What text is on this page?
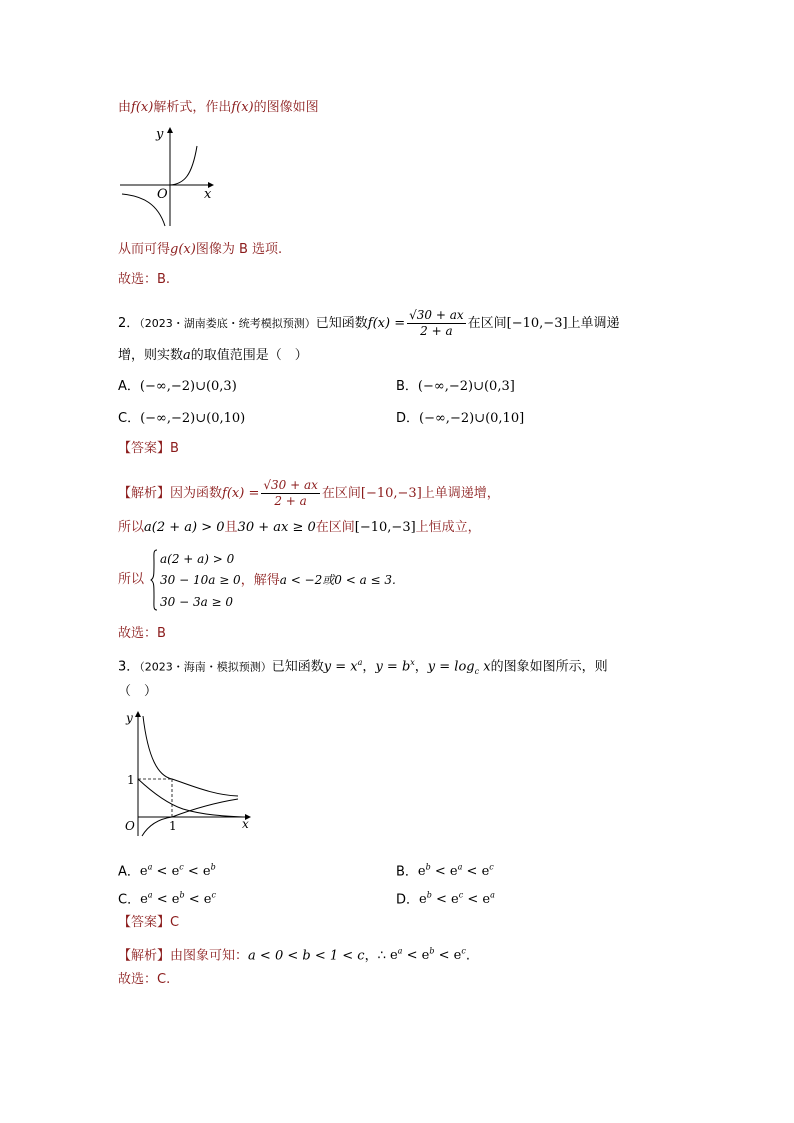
由f(x)解析式，作出f(x)的图像如图
y
x
O
从而可得g(x)图像为 B 选项.
故选：B.
2．（2023・湖南娄底・统考模拟预测）已知函数$f(x) = \frac{√30 + ax}{2 + a}$ 在区间[−10,−3]上单调递
增，则实数a的取值范围是（　）
A．(−∞,−2)∪(0,3)	B．(−∞,−2)∪(0,3]
C．(−∞,−2)∪(0,10)	D．(−∞,−2)∪(0,10]
【答案】B
【解析】因为函数$f(x) = \frac{√30 + ax}{2 + a}$ 在区间[−10,−3]上单调递增，
所以a(2 + a) > 0且30 + ax ≥ 0在区间[−10,−3]上恒成立，
所以
a(2 + a) > 0
30 − 10a ≥ 0，解得a < −2或0 < a ≤ 3.
30 − 3a ≥ 0
故选：B
3．（2023・海南・模拟预测）已知函数$y = x^a$，$y = b^x$，$y = \log_c x$的图象如图所示，则
（　）
y
1
O	1	x
A．$e^a < e^c < e^b$	B．$e^b < e^a < e^c$
C．$e^a < e^b < e^c$	D．$e^b < e^c < e^a$
【答案】C
【解析】由图象可知：a < 0 < b < 1 < c，∴ $e^a < e^b < e^c$.
故选：C.
